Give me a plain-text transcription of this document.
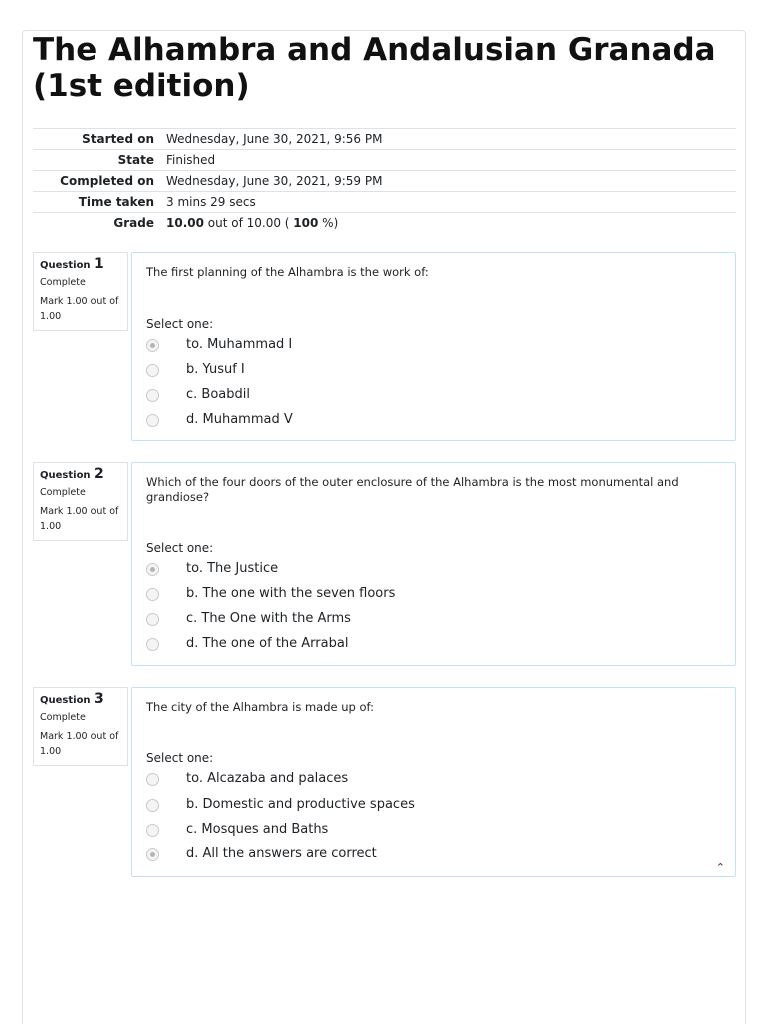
The Alhambra and Andalusian Granada (1st edition)
Started on	Wednesday, June 30, 2021, 9:56 PM
State	Finished
Completed on	Wednesday, June 30, 2021, 9:59 PM
Time taken	3 mins 29 secs
Grade	10.00 out of 10.00 ( 100 %)
Question 1
Complete
Mark 1.00 out of 1.00
The first planning of the Alhambra is the work of:
Select one:
to. Muhammad I
b. Yusuf I
c. Boabdil
d. Muhammad V
Question 2
Complete
Mark 1.00 out of 1.00
Which of the four doors of the outer enclosure of the Alhambra is the most monumental and grandiose?
Select one:
to. The Justice
b. The one with the seven floors
c. The One with the Arms
d. The one of the Arrabal
Question 3
Complete
Mark 1.00 out of 1.00
The city of the Alhambra is made up of:
Select one:
to. Alcazaba and palaces
b. Domestic and productive spaces
c. Mosques and Baths
d. All the answers are correct
⌃
